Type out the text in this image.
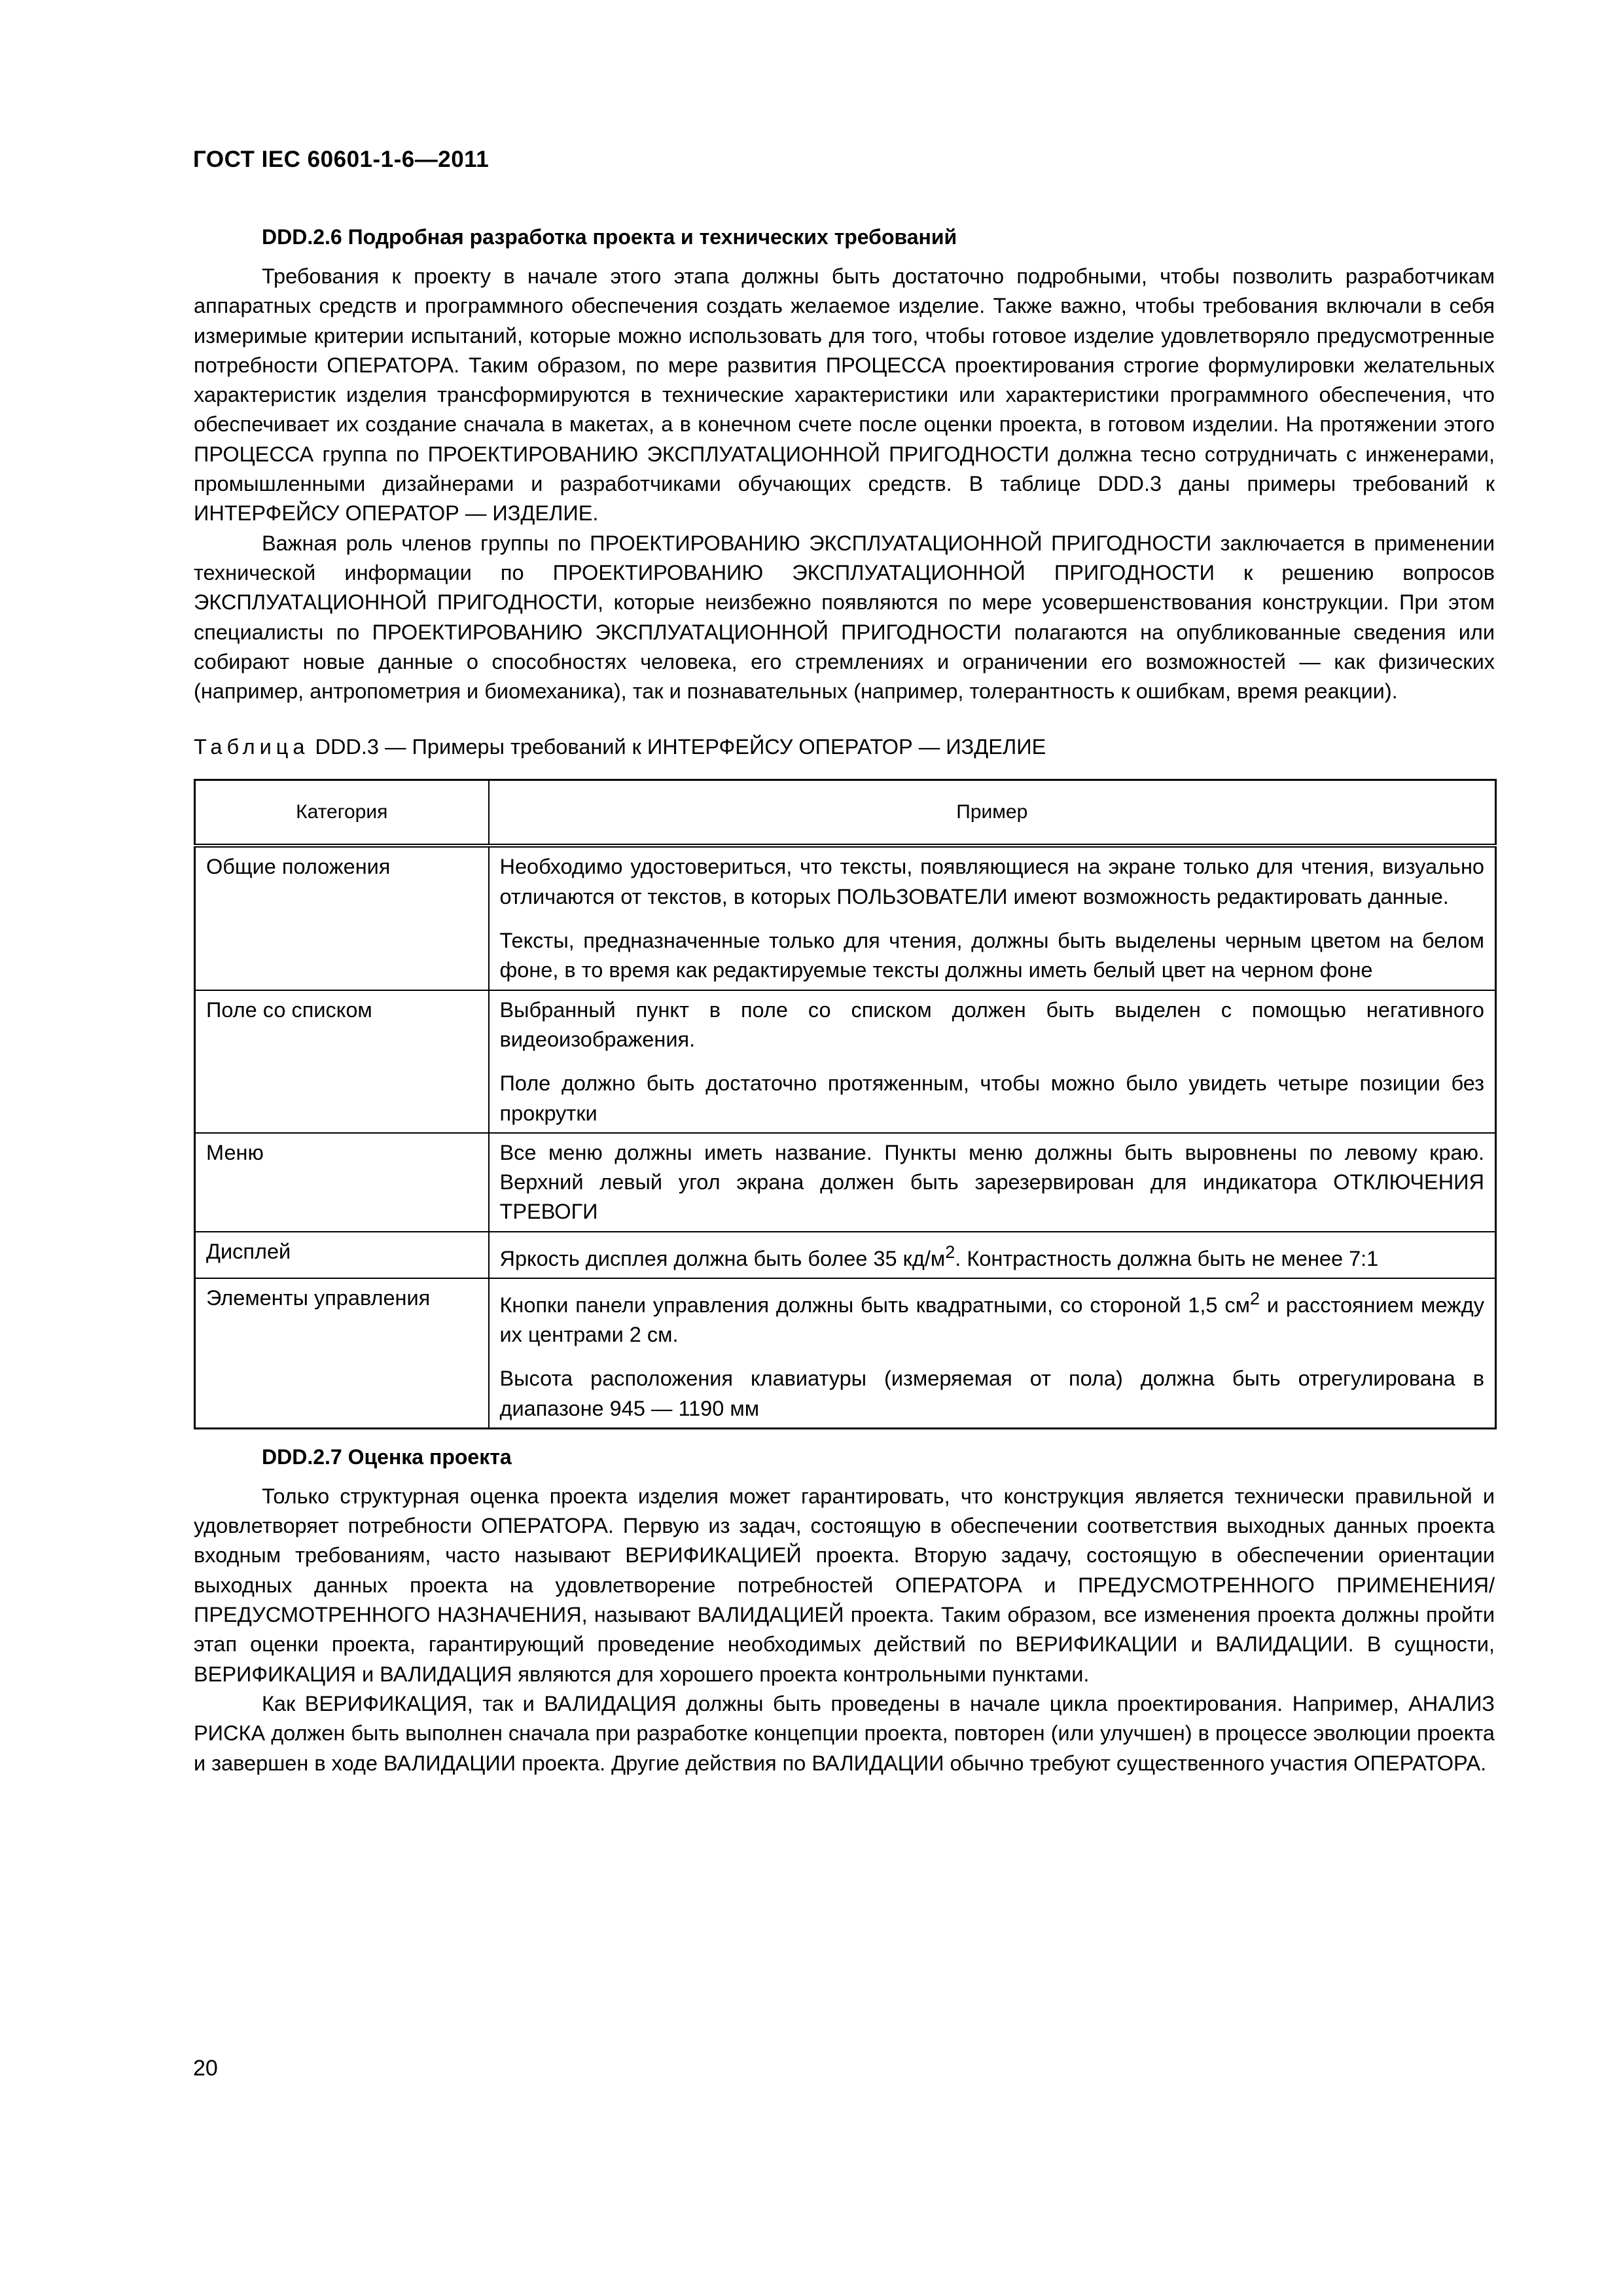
ГОСТ IEC 60601-1-6—2011
DDD.2.6 Подробная разработка проекта и технических требований

Требования к проекту в начале этого этапа должны быть достаточно подробными, чтобы позволить разработчикам аппаратных средств и программного обеспечения создать желаемое изделие. Также важно, чтобы требования включали в себя измеримые критерии испытаний, которые можно использовать для того, чтобы готовое изделие удовлетворяло предусмотренные потребности ОПЕРАТОРА. Таким образом, по мере развития ПРОЦЕССА проектирования строгие формулировки желательных характеристик изделия трансформируются в технические характеристики или характеристики программного обеспечения, что обеспечивает их создание сначала в макетах, а в конечном счете после оценки проекта, в готовом изделии. На протяжении этого ПРОЦЕССА группа по ПРОЕКТИРОВАНИЮ ЭКСПЛУАТАЦИОННОЙ ПРИГОДНОСТИ должна тесно сотрудничать с инженерами, промышленными дизайнерами и разработчиками обучающих средств. В таблице DDD.3 даны примеры требований к ИНТЕРФЕЙСУ ОПЕРАТОР — ИЗДЕЛИЕ.

Важная роль членов группы по ПРОЕКТИРОВАНИЮ ЭКСПЛУАТАЦИОННОЙ ПРИГОДНОСТИ заключается в применении технической информации по ПРОЕКТИРОВАНИЮ ЭКСПЛУАТАЦИОННОЙ ПРИГОДНОСТИ к решению вопросов ЭКСПЛУАТАЦИОННОЙ ПРИГОДНОСТИ, которые неизбежно появляются по мере усовершенствования конструкции. При этом специалисты по ПРОЕКТИРОВАНИЮ ЭКСПЛУАТАЦИОННОЙ ПРИГОДНОСТИ полагаются на опубликованные сведения или собирают новые данные о способностях человека, его стремлениях и ограничении его возможностей — как физических (например, антропометрия и биомеханика), так и познавательных (например, толерантность к ошибкам, время реакции).

Таблица DDD.3 — Примеры требований к ИНТЕРФЕЙСУ ОПЕРАТОР — ИЗДЕЛИЕ
Категория	Пример
Общие положения	Необходимо удостовериться, что тексты, появляющиеся на экране только для чтения, визуально отличаются от текстов, в которых ПОЛЬЗОВАТЕЛИ имеют возможность редактировать данные.

Тексты, предназначенные только для чтения, должны быть выделены черным цветом на белом фоне, в то время как редактируемые тексты должны иметь белый цвет на черном фоне

Поле со списком	Выбранный пункт в поле со списком должен быть выделен с помощью негативного видеоизображения.

Поле должно быть достаточно протяженным, чтобы можно было увидеть четыре позиции без прокрутки

Меню	Все меню должны иметь название. Пункты меню должны быть выровнены по левому краю. Верхний левый угол экрана должен быть зарезервирован для индикатора ОТКЛЮЧЕНИЯ ТРЕВОГИ

Дисплей	Яркость дисплея должна быть более 35 $кд/м^2$. Контрастность должна быть не менее 7:1

Элементы управления	Кнопки панели управления должны быть квадратными, со стороной 1,5 $см^2$ и расстоянием между их центрами 2 см.

Высота расположения клавиатуры (измеряемая от пола) должна быть отрегулирована в диапазоне 945 — 1190 мм

DDD.2.7 Оценка проекта

Только структурная оценка проекта изделия может гарантировать, что конструкция является технически правильной и удовлетворяет потребности ОПЕРАТОРА. Первую из задач, состоящую в обеспечении соответствия выходных данных проекта входным требованиям, часто называют ВЕРИФИКАЦИЕЙ проекта. Вторую задачу, состоящую в обеспечении ориентации выходных данных проекта на удовлетворение потребностей ОПЕРАТОРА и ПРЕДУСМОТРЕННОГО ПРИМЕНЕНИЯ/ПРЕДУСМОТРЕННОГО НАЗНАЧЕНИЯ, называют ВАЛИДАЦИЕЙ проекта. Таким образом, все изменения проекта должны пройти этап оценки проекта, гарантирующий проведение необходимых действий по ВЕРИФИКАЦИИ и ВАЛИДАЦИИ. В сущности, ВЕРИФИКАЦИЯ и ВАЛИДАЦИЯ являются для хорошего проекта контрольными пунктами.

Как ВЕРИФИКАЦИЯ, так и ВАЛИДАЦИЯ должны быть проведены в начале цикла проектирования. Например, АНАЛИЗ РИСКА должен быть выполнен сначала при разработке концепции проекта, повторен (или улучшен) в процессе эволюции проекта и завершен в ходе ВАЛИДАЦИИ проекта. Другие действия по ВАЛИДАЦИИ обычно требуют существенного участия ОПЕРАТОРА.

20
